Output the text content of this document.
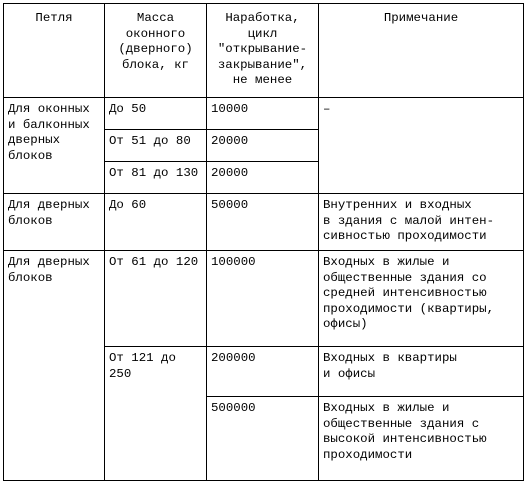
Петля	Масса
оконного
(дверного)
блока, кг	Наработка,
цикл
"открывание-
закрывание",
не менее	Примечание
Для оконных
и балконных
дверных
блоков	До 50	10000	–
	От 51 до 80	20000	
	От 81 до 130	20000	
Для дверных
блоков	До 60	50000	Внутренних и входных
в здания с малой интен-
сивностью проходимости
Для дверных
блоков	От 61 до 120	100000	Входных в жилые и
общественные здания со
средней интенсивностью
проходимости (квартиры,
офисы)
	От 121 до
250	200000	Входных в квартиры
и офисы
		500000	Входных в жилые и
общественные здания с
высокой интенсивностью
проходимости
